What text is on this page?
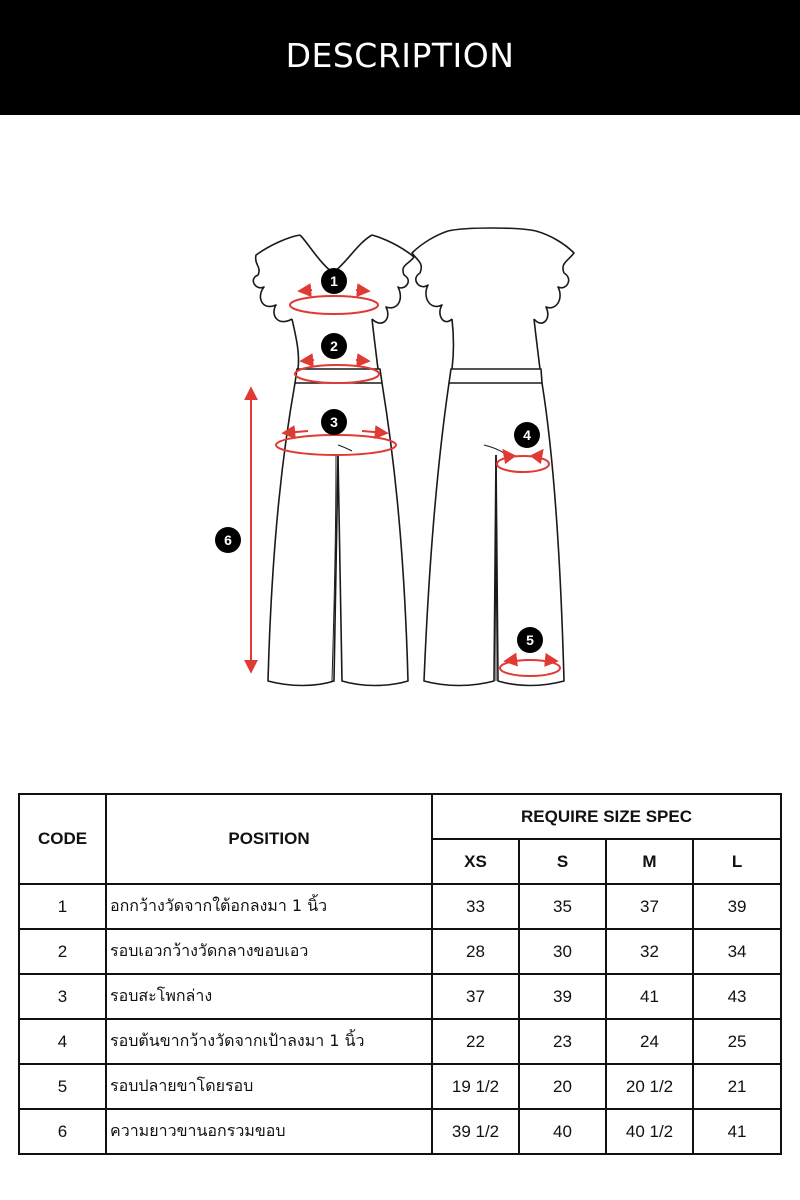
DESCRIPTION
1
2
3
4
5
6
CODE	POSITION	REQUIRE SIZE SPEC			
		XS	S	M	L
1	อกกว้างวัดจากใต้อกลงมา 1 นิ้ว	33	35	37	39
2	รอบเอวกว้างวัดกลางขอบเอว	28	30	32	34
3	รอบสะโพกล่าง	37	39	41	43
4	รอบต้นขากว้างวัดจากเป้าลงมา 1 นิ้ว	22	23	24	25
5	รอบปลายขาโดยรอบ	19 1/2	20	20 1/2	21
6	ความยาวขานอกรวมขอบ	39 1/2	40	40 1/2	41
